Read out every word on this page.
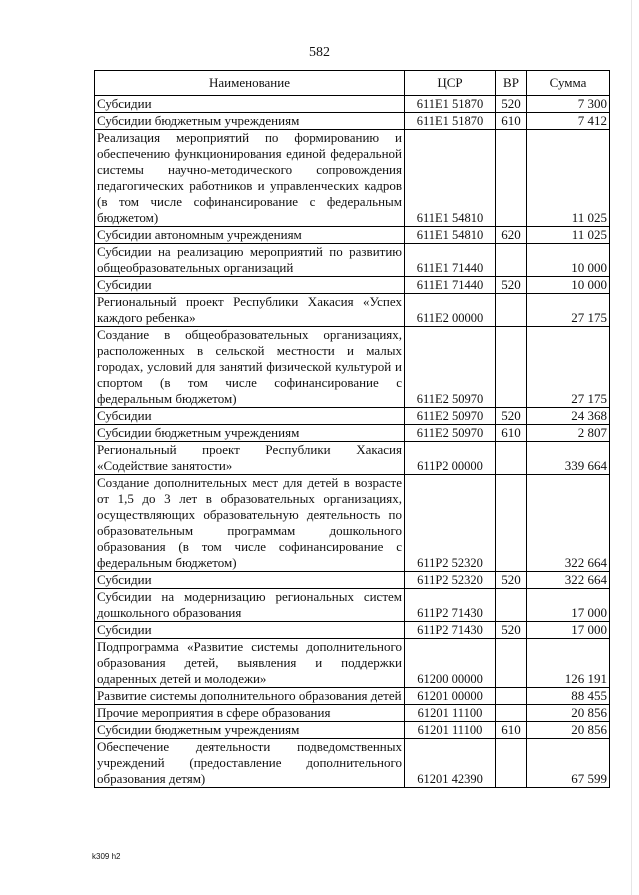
582
Наименование	ЦСР	ВР	Сумма
Субсидии	611Е1 51870	520	7 300
Субсидии бюджетным учреждениям	611Е1 51870	610	7 412
Реализация мероприятий по формированию и обеспечению функционирования единой федеральной системы научно-методического сопровождения педагогических работников и управленческих кадров (в том числе софинансирование с федеральным бюджетом)	611Е1 54810		11 025
Субсидии автономным учреждениям	611Е1 54810	620	11 025
Субсидии на реализацию мероприятий по развитию общеобразовательных организаций	611Е1 71440		10 000
Субсидии	611Е1 71440	520	10 000
Региональный проект Республики Хакасия «Успех каждого ребенка»	611Е2 00000		27 175
Создание в общеобразовательных организациях, расположенных в сельской местности и малых городах, условий для занятий физической культурой и спортом (в том числе софинансирование с федеральным бюджетом)	611Е2 50970		27 175
Субсидии	611Е2 50970	520	24 368
Субсидии бюджетным учреждениям	611Е2 50970	610	2 807
Региональный проект Республики Хакасия «Содействие занятости»	611Р2 00000		339 664
Создание дополнительных мест для детей в возрасте от 1,5 до 3 лет в образовательных организациях, осуществляющих образовательную деятельность по образовательным программам дошкольного образования (в том числе софинансирование с федеральным бюджетом)	611Р2 52320		322 664
Субсидии	611Р2 52320	520	322 664
Субсидии на модернизацию региональных систем дошкольного образования	611Р2 71430		17 000
Субсидии	611Р2 71430	520	17 000
Подпрограмма «Развитие системы дополнительного образования детей, выявления и поддержки одаренных детей и молодежи»	61200 00000		126 191
Развитие системы дополнительного образования детей	61201 00000		88 455
Прочие мероприятия в сфере образования	61201 11100		20 856
Субсидии бюджетным учреждениям	61201 11100	610	20 856
Обеспечение деятельности подведомственных учреждений (предоставление дополнительного образования детям)	61201 42390		67 599
k309 h2
